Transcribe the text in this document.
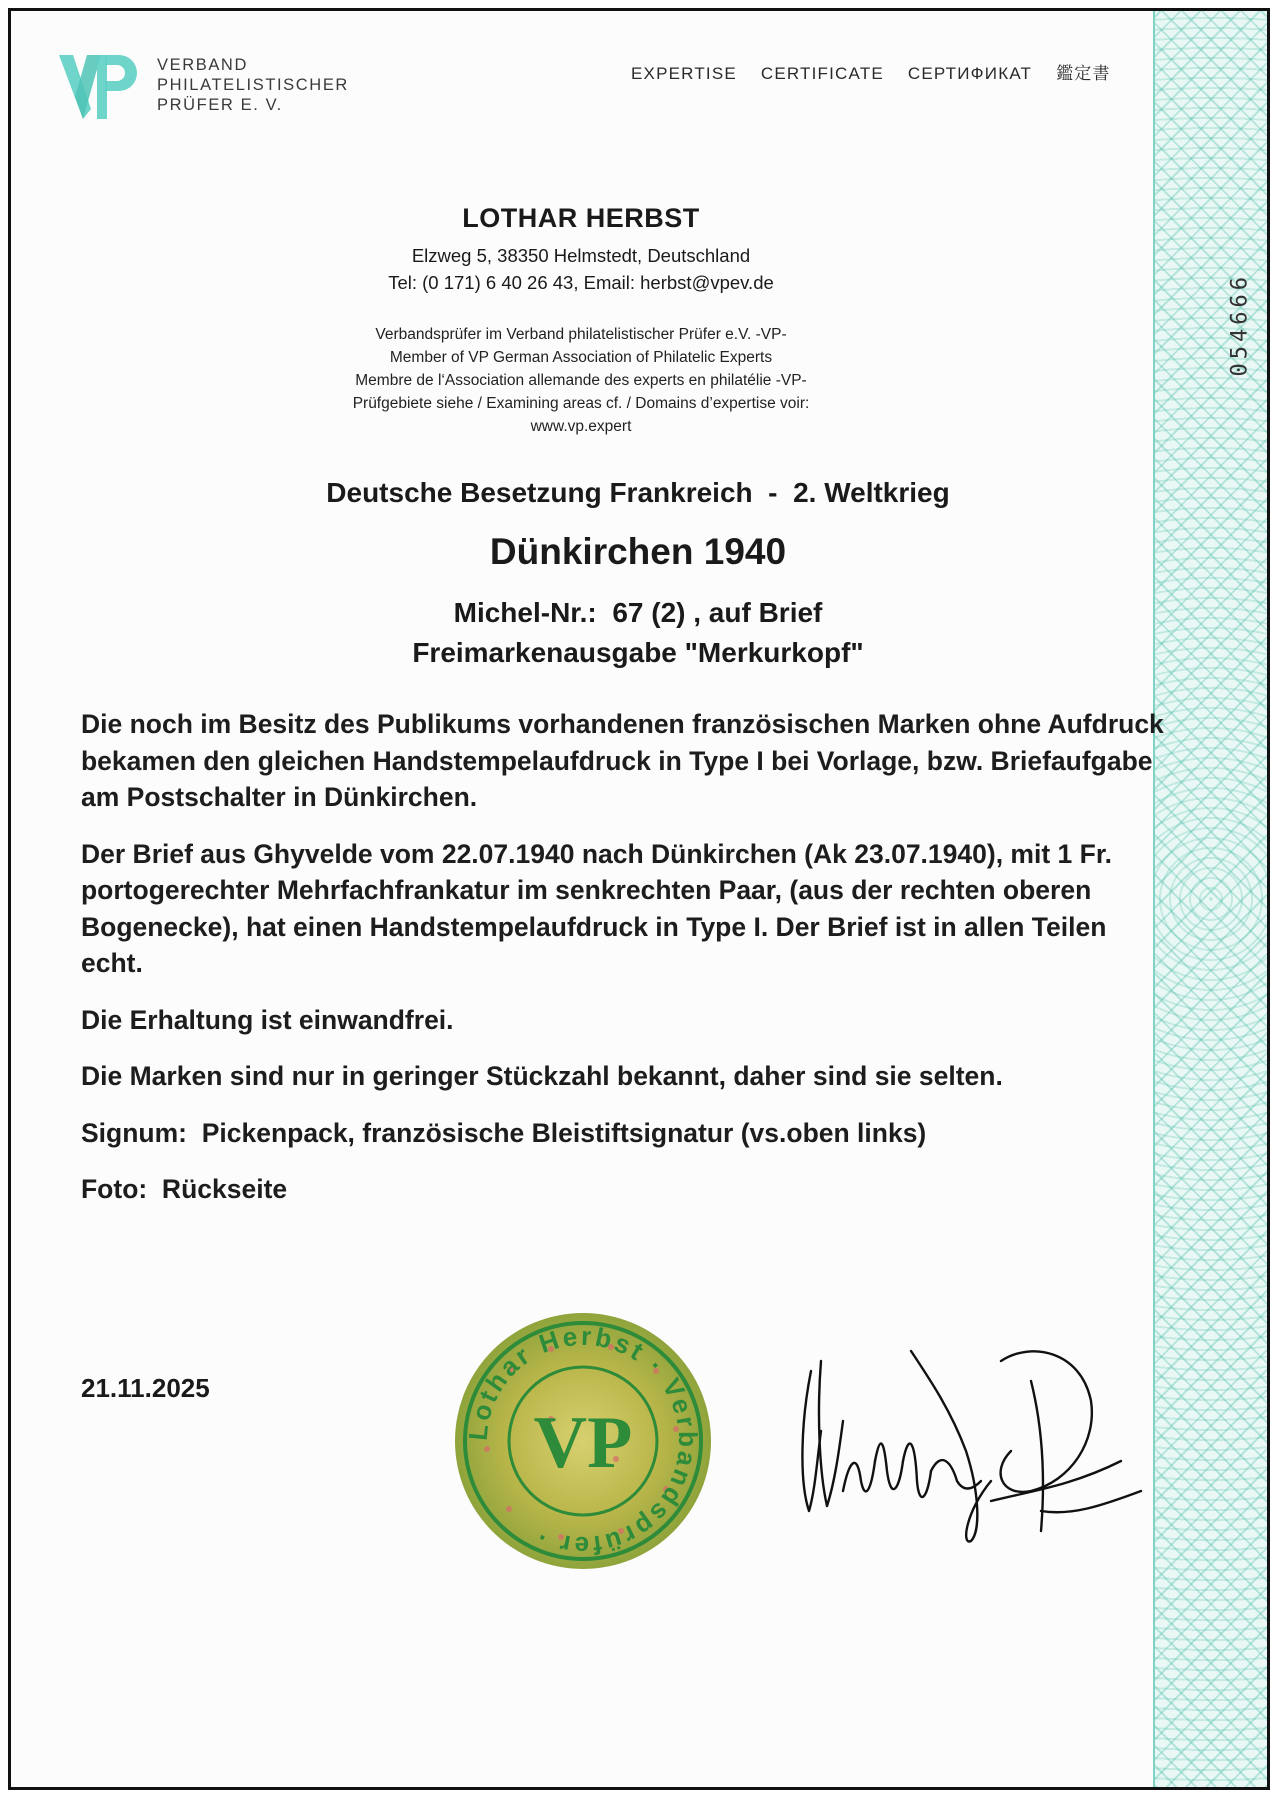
054666
VERBAND
PHILATELISTISCHER
PRÜFER E. V.
EXPERTISE CERTIFICATE СЕРТИФИКАТ 鑑定書
LOTHAR HERBST
Elzweg 5, 38350 Helmstedt, Deutschland
Tel: (0 171) 6 40 26 43, Email: herbst@vpev.de
Verbandsprüfer im Verband philatelistischer Prüfer e.V. -VP-
Member of VP German Association of Philatelic Experts
Membre de l‘Association allemande des experts en philatélie -VP-
Prüfgebiete siehe / Examining areas cf. / Domains d’expertise voir:
www.vp.expert
Deutsche Besetzung Frankreich  -  2. Weltkrieg
Dünkirchen 1940
Michel-Nr.:  67 (2) , auf Brief
Freimarkenausgabe "Merkurkopf"

Die noch im Besitz des Publikums vorhandenen französischen Marken ohne Aufdruck bekamen den gleichen Handstempelaufdruck in Type I bei Vorlage, bzw. Briefaufgabe am Postschalter in Dünkirchen.

Der Brief aus Ghyvelde vom 22.07.1940 nach Dünkirchen (Ak 23.07.1940), mit 1 Fr. portogerechter Mehrfachfrankatur im senkrechten Paar, (aus der rechten oberen Bogenecke), hat einen Handstempelaufdruck in Type I. Der Brief ist in allen Teilen echt.

Die Erhaltung ist einwandfrei.

Die Marken sind nur in geringer Stückzahl bekannt, daher sind sie selten.

Signum:  Pickenpack, französische Bleistiftsignatur (vs.oben links)

Foto:  Rückseite

21.11.2025
Lothar Herbst · Verbandsprüfer ·
VP
